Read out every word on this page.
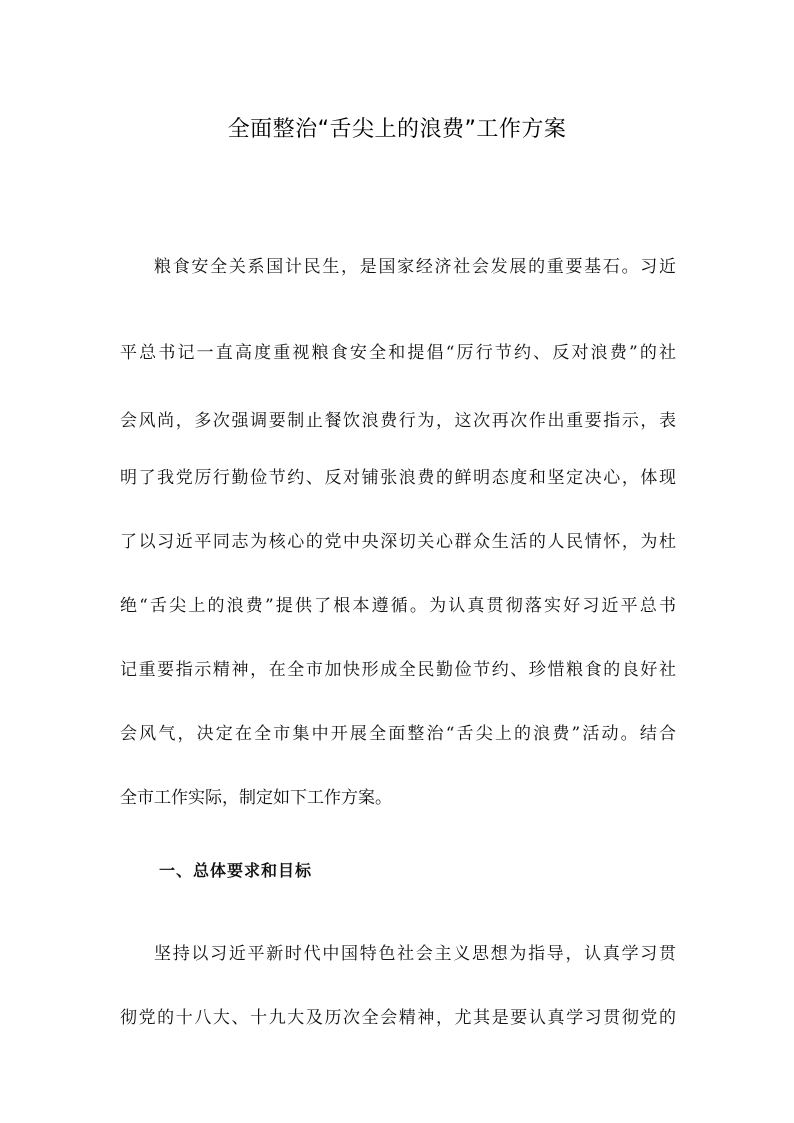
全面整治“舌尖上的浪费”工作方案
粮食安全关系国计民生，是国家经济社会发展的重要基石。习近
平总书记一直高度重视粮食安全和提倡“厉行节约、反对浪费”的社
会风尚，多次强调要制止餐饮浪费行为，这次再次作出重要指示，表
明了我党厉行勤俭节约、反对铺张浪费的鲜明态度和坚定决心，体现
了以习近平同志为核心的党中央深切关心群众生活的人民情怀，为杜
绝“舌尖上的浪费”提供了根本遵循。为认真贯彻落实好习近平总书
记重要指示精神，在全市加快形成全民勤俭节约、珍惜粮食的良好社
会风气，决定在全市集中开展全面整治“舌尖上的浪费”活动。结合
全市工作实际，制定如下工作方案。
一、总体要求和目标
坚持以习近平新时代中国特色社会主义思想为指导，认真学习贯
彻党的十八大、十九大及历次全会精神，尤其是要认真学习贯彻党的
